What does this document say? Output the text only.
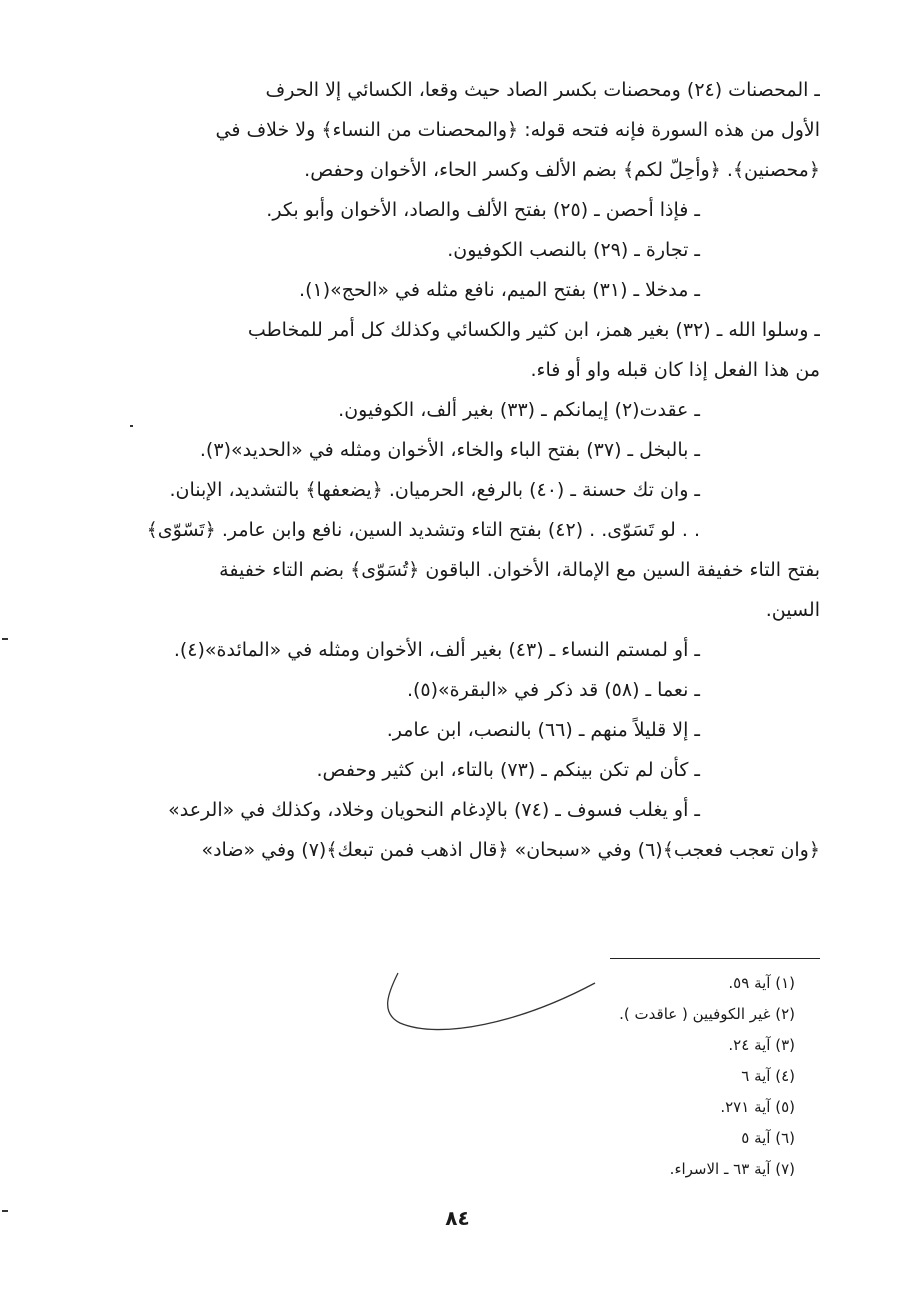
ـ المحصنات (٢٤) ومحصنات بكسر الصاد حيث وقعا، الكسائي إلا الحرف
الأول من هذه السورة فإنه فتحه قوله: ﴿والمحصنات من النساء﴾ ولا خلاف في
﴿محصنين﴾. ﴿وأحِلّ لكم﴾ بضم الألف وكسر الحاء، الأخوان وحفص.
ـ فإذا أحصن ـ (٢٥) بفتح الألف والصاد، الأخوان وأبو بكر.
ـ تجارة ـ (٢٩) بالنصب الكوفيون.
ـ مدخلا ـ (٣١) بفتح الميم، نافع مثله في «الحج»(١).
ـ وسلوا الله ـ (٣٢) بغير همز، ابن كثير والكسائي وكذلك كل أمر للمخاطب
من هذا الفعل إذا كان قبله واو أو فاء.
ـ عقدت(٢) إيمانكم ـ (٣٣) بغير ألف، الكوفيون.
ـ بالبخل ـ (٣٧) بفتح الباء والخاء، الأخوان ومثله في «الحديد»(٣).
ـ وان تك حسنة ـ (٤٠) بالرفع، الحرميان. ﴿يضعفها﴾ بالتشديد، الإبنان.
. . لو تَسَوّى. . (٤٢) بفتح التاء وتشديد السين، نافع وابن عامر. ﴿تَسّوّى﴾
بفتح التاء خفيفة السين مع الإمالة، الأخوان. الباقون ﴿تُسَوّى﴾ بضم التاء خفيفة
السين.
ـ أو لمستم النساء ـ (٤٣) بغير ألف، الأخوان ومثله في «المائدة»(٤).
ـ نعما ـ (٥٨) قد ذكر في «البقرة»(٥).
ـ إلا قليلاً منهم ـ (٦٦) بالنصب، ابن عامر.
ـ كأن لم تكن بينكم ـ (٧٣) بالتاء، ابن كثير وحفص.
ـ أو يغلب فسوف ـ (٧٤) بالإدغام النحويان وخلاد، وكذلك في «الرعد»
﴿وان تعجب فعجب﴾(٦) وفي «سبحان» ﴿قال اذهب فمن تبعك﴾(٧) وفي «ضاد»
(١) آية ٥٩.
(٢) غير الكوفيين ( عاقدت ).
(٣) آية ٢٤.
(٤) آية ٦
(٥) آية ٢٧١.
(٦) آية ٥
(٧) آية ٦٣ ـ الاسراء.
٨٤
